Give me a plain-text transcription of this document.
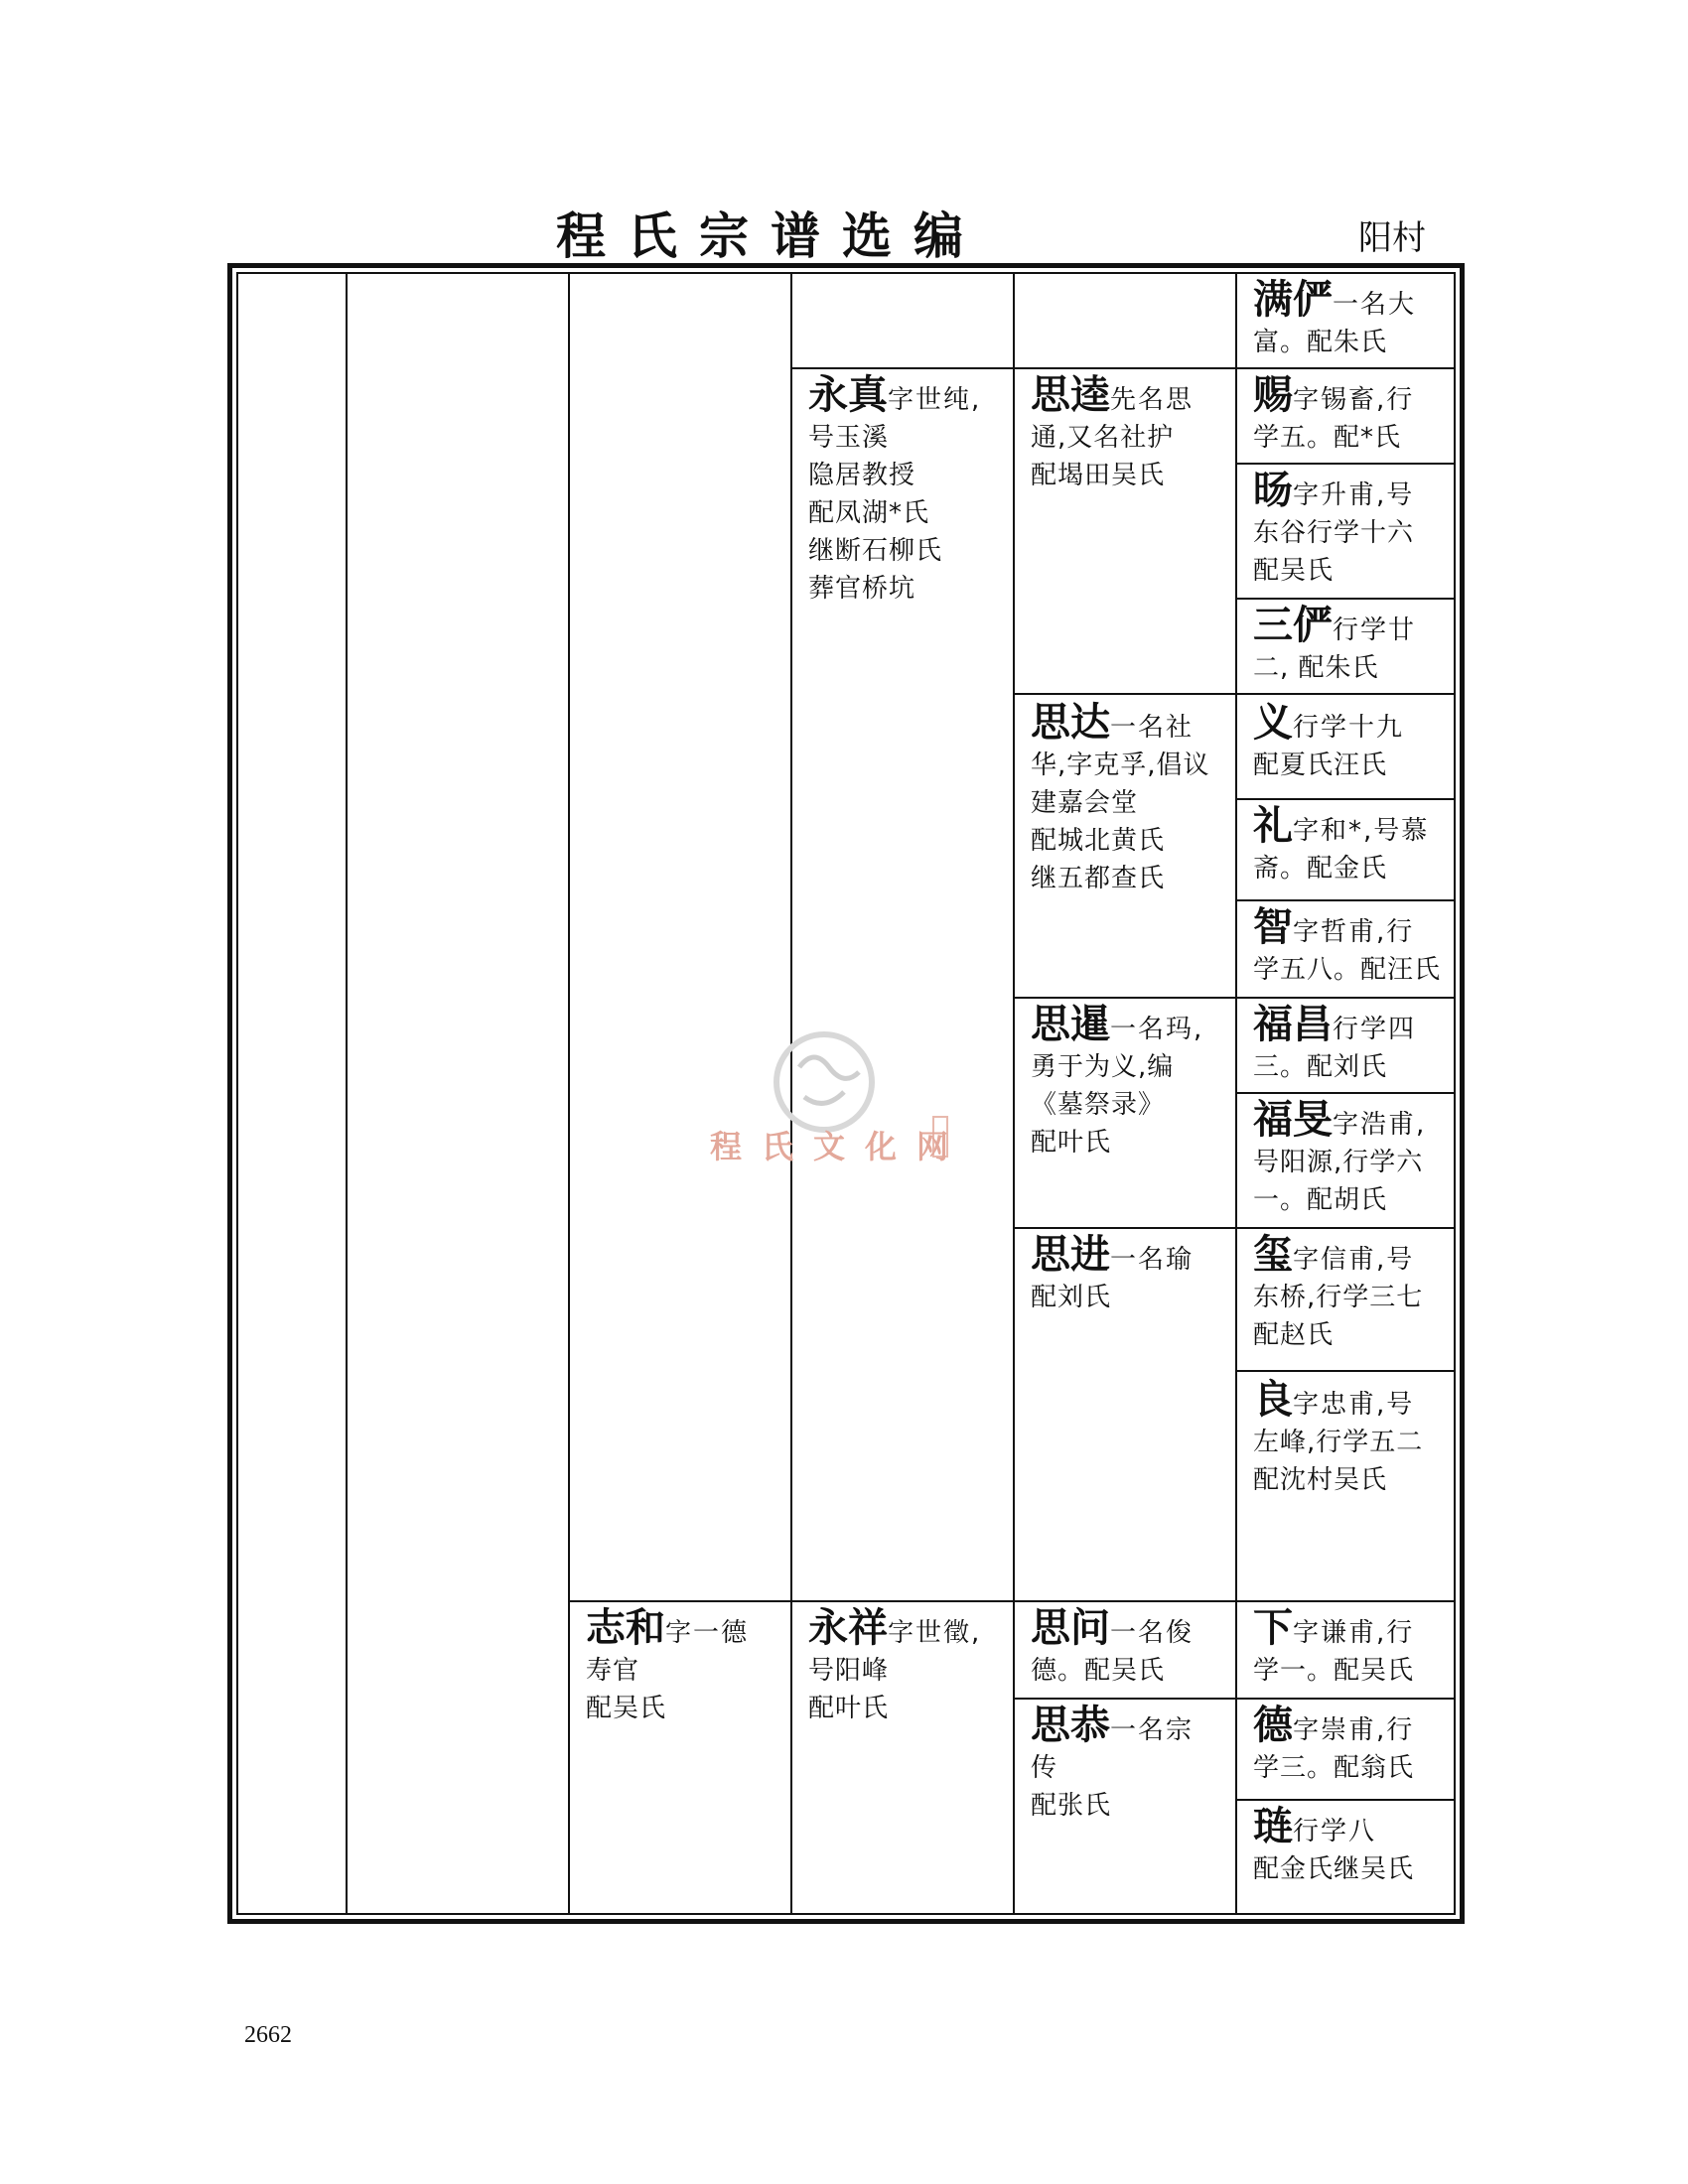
程氏宗谱选编	阳村
程氏文化网
满俨一名大
富。配朱氏
赐字锡畜,行
学五。配*氏
旸字升甫,号
东谷行学十六
配吴氏
三俨行学廿
二, 配朱氏
义行学十九
配夏氏汪氏
礼字和*,号慕
斋。配金氏
智字哲甫,行
学五八。配汪氏
福昌行学四
三。配刘氏
福旻字浩甫,
号阳源,行学六
一。配胡氏
玺字信甫,号
东桥,行学三七
配赵氏
良字忠甫,号
左峰,行学五二
配沈村吴氏
下字谦甫,行
学一。配吴氏
德字崇甫,行
学三。配翁氏
琏行学八
配金氏继吴氏
思逵先名思
通,又名社护
配堨田吴氏
思达一名社
华,字克孚,倡议
建嘉会堂
配城北黄氏
继五都查氏
思暹一名玛,
勇于为义,编
《墓祭录》
配叶氏
思进一名瑜
配刘氏
思问一名俊
德。配吴氏
思恭一名宗
传
配张氏
永真字世纯,
号玉溪
隐居教授
配凤湖*氏
继断石柳氏
葬官桥坑
永祥字世徵,
号阳峰
配叶氏
志和字一德
寿官
配吴氏
2662
